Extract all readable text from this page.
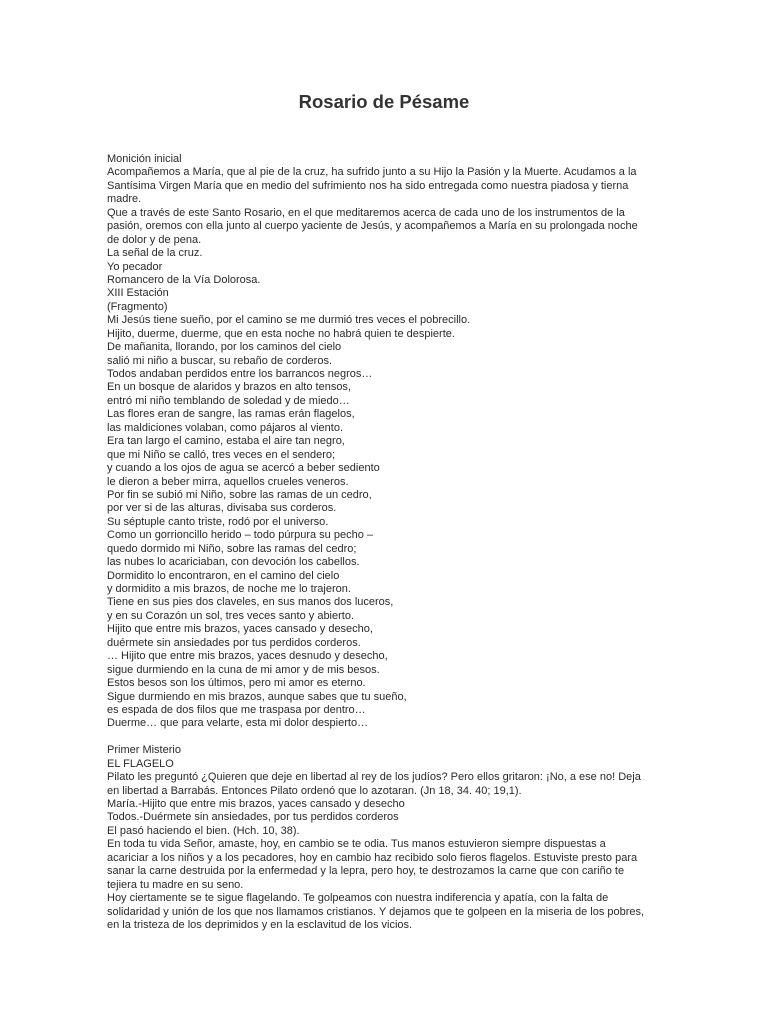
Rosario de Pésame
Monición inicial
Acompañemos a María, que al pie de la cruz, ha sufrido junto a su Hijo la Pasión y la Muerte. Acudamos a la
Santísima Virgen María que en medio del sufrimiento nos ha sido entregada como nuestra piadosa y tierna
madre.
Que a través de este Santo Rosario, en el que meditaremos acerca de cada uno de los instrumentos de la
pasión, oremos con ella junto al cuerpo yaciente de Jesús, y acompañemos a María en su prolongada noche
de dolor y de pena.
La señal de la cruz.
Yo pecador
Romancero de la Vía Dolorosa.
XIII Estación
(Fragmento)
Mi Jesús tiene sueño, por el camino se me durmió tres veces el pobrecillo.
Hijito, duerme, duerme, que en esta noche no habrá quien te despierte.
De mañanita, llorando, por los caminos del cielo
salió mi niño a buscar, su rebaño de corderos.
Todos andaban perdidos entre los barrancos negros…
En un bosque de alaridos y brazos en alto tensos,
entró mi niño temblando de soledad y de miedo…
Las flores eran de sangre, las ramas erán flagelos,
las maldiciones volaban, como pájaros al viento.
Era tan largo el camino, estaba el aire tan negro,
que mi Niño se calló, tres veces en el sendero;
y cuando a los ojos de agua se acercó a beber sediento
le dieron a beber mirra, aquellos crueles veneros.
Por fin se subió mi Niño, sobre las ramas de un cedro,
por ver si de las alturas, divisaba sus corderos.
Su séptuple canto triste, rodó por el universo.
Como un gorrioncillo herido – todo púrpura su pecho –
quedo dormido mi Niño, sobre las ramas del cedro;
las nubes lo acariciaban, con devoción los cabellos.
Dormidito lo encontraron, en el camino del cielo
y dormidito a mis brazos, de noche me lo trajeron.
Tiene en sus pies dos claveles, en sus manos dos luceros,
y en su Corazón un sol, tres veces santo y abierto.
Hijito que entre mis brazos, yaces cansado y desecho,
duérmete sin ansiedades por tus perdidos corderos.
… Hijito que entre mis brazos, yaces desnudo y desecho,
sigue durmiendo en la cuna de mi amor y de mis besos.
Estos besos son los últimos, pero mi amor es eterno.
Sigue durmiendo en mis brazos, aunque sabes que tu sueño,
es espada de dos filos que me traspasa por dentro…
Duerme… que para velarte, esta mi dolor despierto…
Primer Misterio
EL FLAGELO
Pilato les preguntó ¿Quieren que deje en libertad al rey de los judíos? Pero ellos gritaron: ¡No, a ese no! Deja
en libertad a Barrabás. Entonces Pilato ordenó que lo azotaran. (Jn 18, 34. 40; 19,1).
María.-Hijito que entre mis brazos, yaces cansado y desecho
Todos.-Duérmete sin ansiedades, por tus perdidos corderos
El pasó haciendo el bien. (Hch. 10, 38).
En toda tu vida Señor, amaste, hoy, en cambio se te odia. Tus manos estuvieron siempre dispuestas a
acariciar a los niños y a los pecadores, hoy en cambio haz recibido solo fieros flagelos. Estuviste presto para
sanar la carne destruida por la enfermedad y la lepra, pero hoy, te destrozamos la carne que con cariño te
tejiera tu madre en su seno.
Hoy ciertamente se te sigue flagelando. Te golpeamos con nuestra indiferencia y apatía, con la falta de
solidaridad y unión de los que nos llamamos cristianos. Y dejamos que te golpeen en la miseria de los pobres,
en la tristeza de los deprimidos y en la esclavitud de los vicios.
